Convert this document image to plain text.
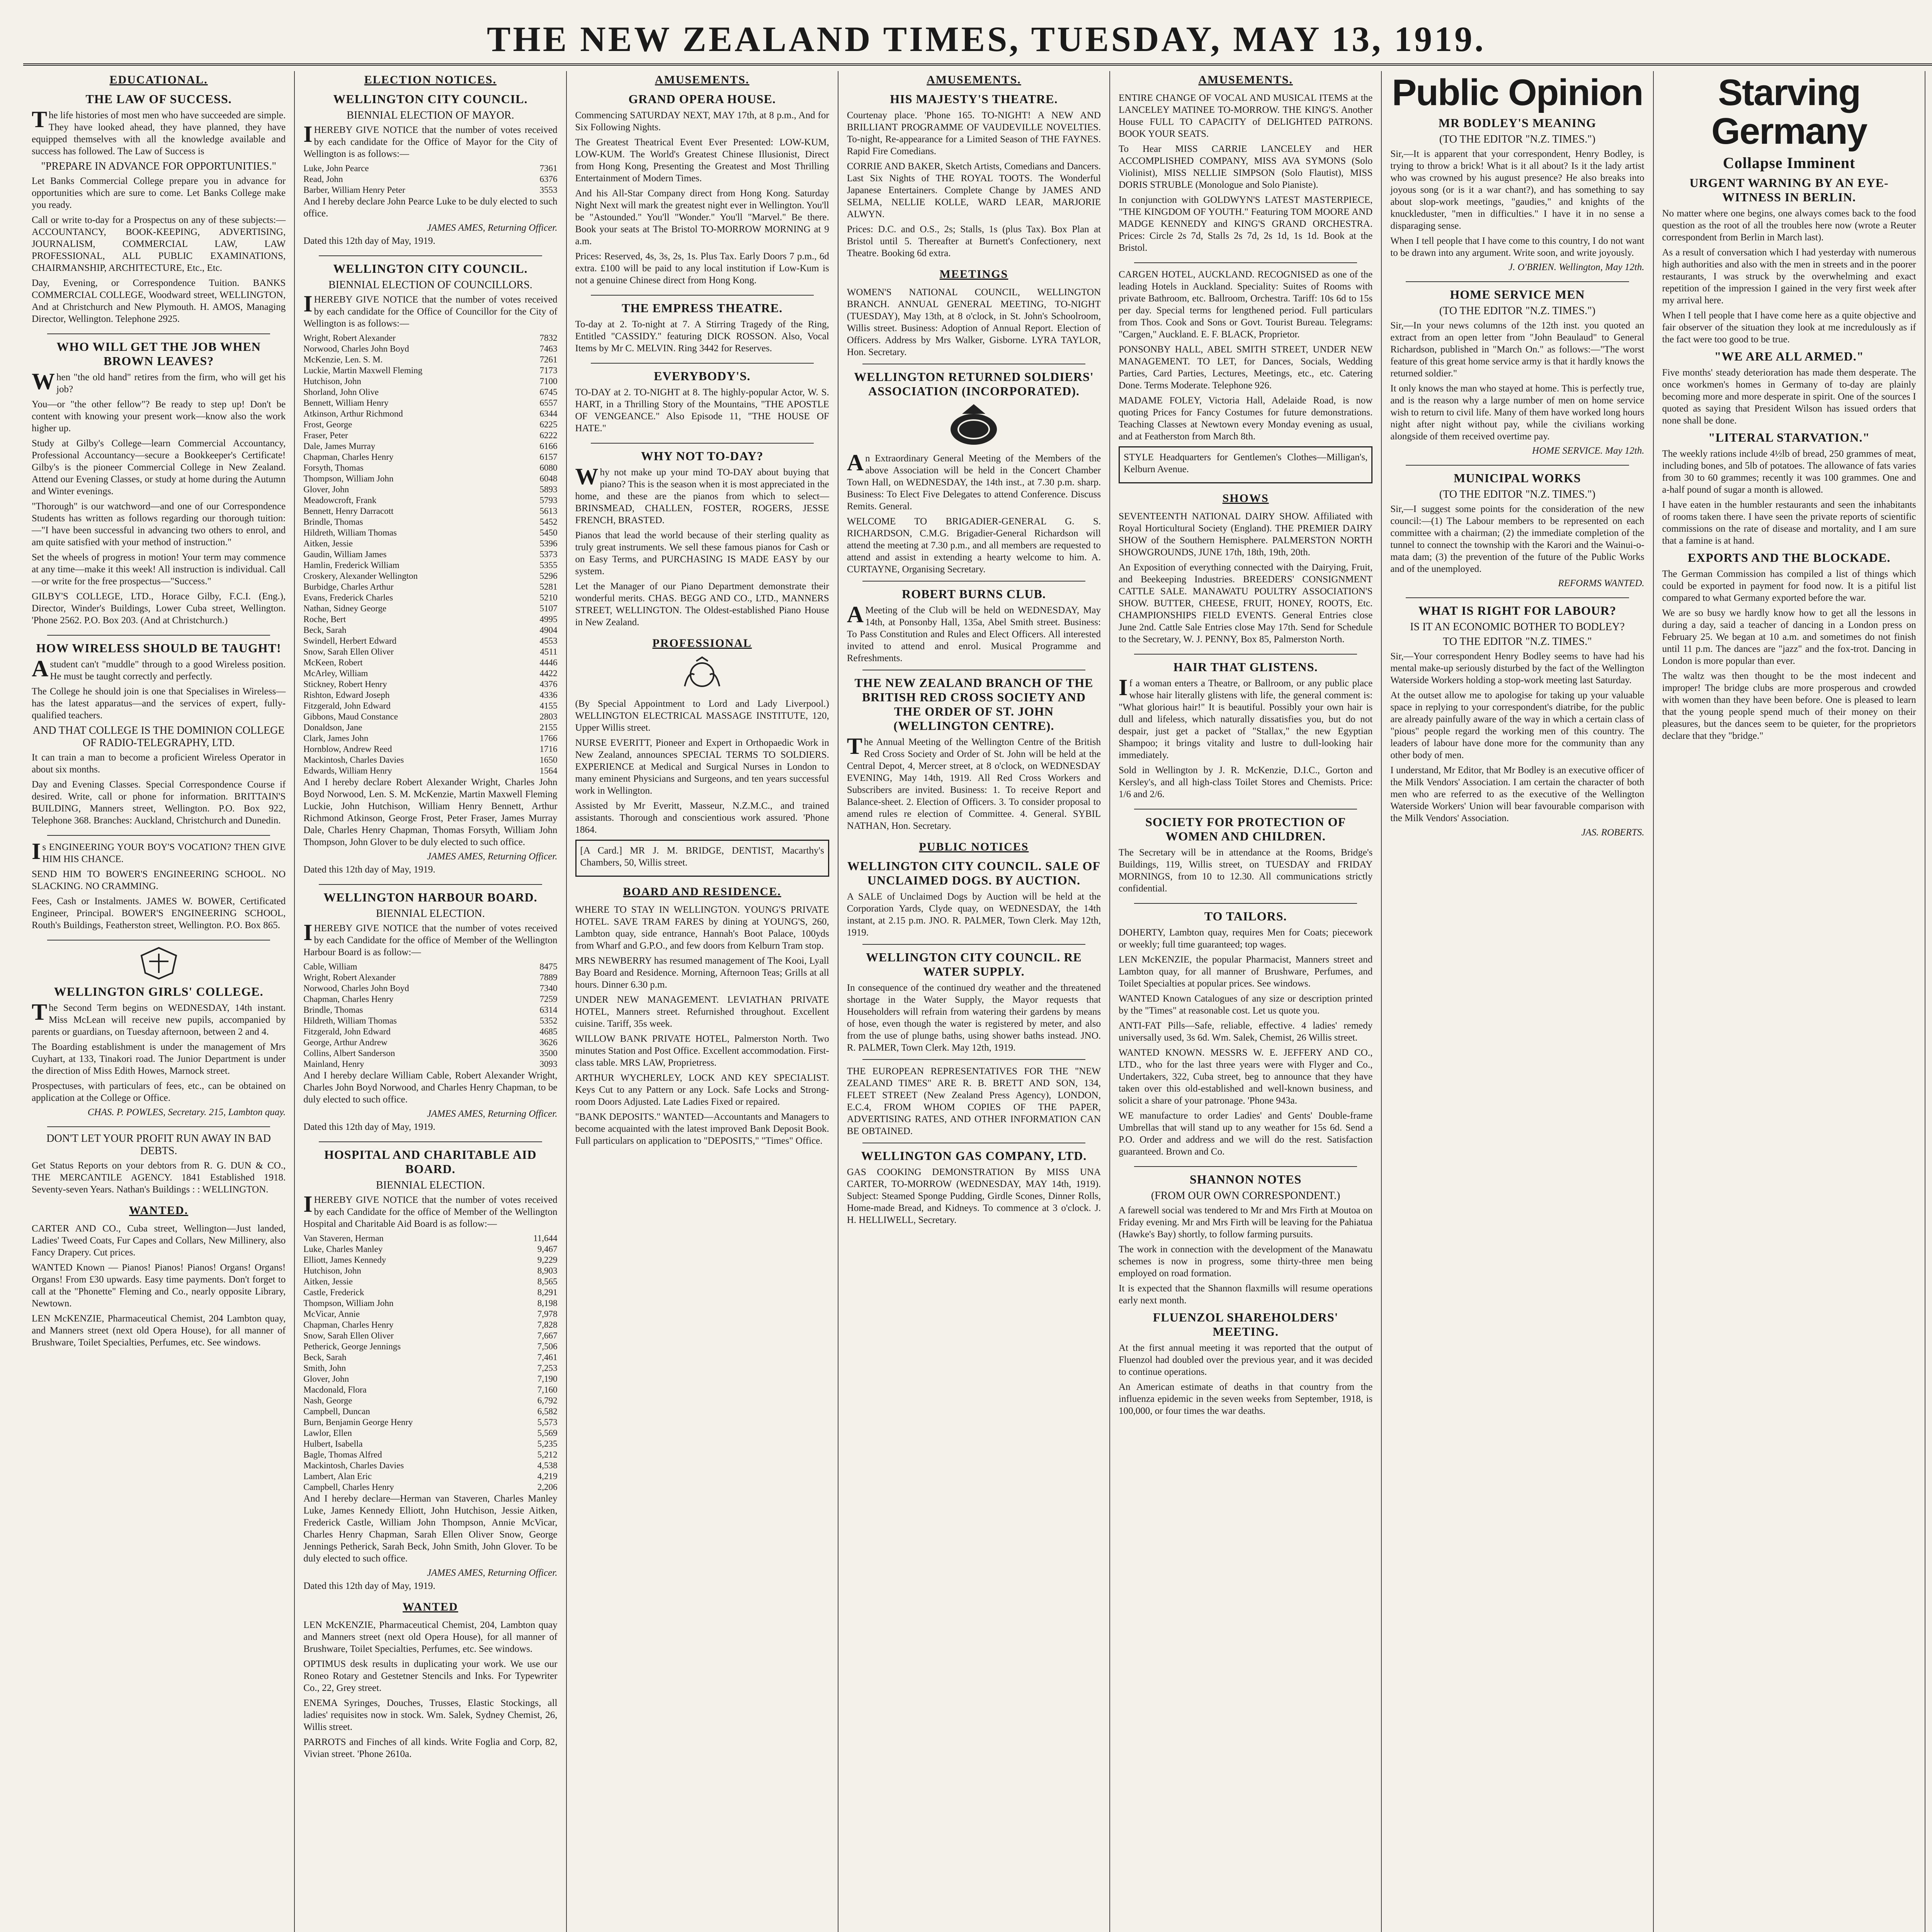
THE NEW ZEALAND TIMES, TUESDAY, MAY 13, 1919.
EDUCATIONAL.
THE LAW OF SUCCESS.

The life histories of most men who have succeeded are simple. They have looked ahead, they have planned, they have equipped themselves with all the knowledge available and success has followed. The Law of Success is

"PREPARE IN ADVANCE FOR OPPORTUNITIES."

Let Banks Commercial College prepare you in advance for opportunities which are sure to come. Let Banks College make you ready.

Call or write to-day for a Prospectus on any of these subjects:— ACCOUNTANCY, BOOK-KEEPING, ADVERTISING, JOURNALISM, COMMERCIAL LAW, LAW PROFESSIONAL, ALL PUBLIC EXAMINATIONS, CHAIRMANSHIP, ARCHITECTURE, Etc., Etc.

Day, Evening, or Correspondence Tuition. BANKS COMMERCIAL COLLEGE, Woodward street, WELLINGTON, And at Christchurch and New Plymouth. H. AMOS, Managing Director, Wellington. Telephone 2925.

WHO WILL GET THE JOB WHEN BROWN LEAVES?

When "the old hand" retires from the firm, who will get his job?

You—or "the other fellow"? Be ready to step up! Don't be content with knowing your present work—know also the work higher up.

Study at Gilby's College—learn Commercial Accountancy, Professional Accountancy—secure a Bookkeeper's Certificate! Gilby's is the pioneer Commercial College in New Zealand. Attend our Evening Classes, or study at home during the Autumn and Winter evenings.

"Thorough" is our watchword—and one of our Correspondence Students has written as follows regarding our thorough tuition:—"I have been successful in advancing two others to enrol, and am quite satisfied with your method of instruction."

Set the wheels of progress in motion! Your term may commence at any time—make it this week! All instruction is individual. Call—or write for the free prospectus—"Success."

GILBY'S COLLEGE, LTD., Horace Gilby, F.C.I. (Eng.), Director, Winder's Buildings, Lower Cuba street, Wellington. 'Phone 2562. P.O. Box 203. (And at Christchurch.)

HOW WIRELESS SHOULD BE TAUGHT!

Astudent can't "muddle" through to a good Wireless position. He must be taught correctly and perfectly.

The College he should join is one that Specialises in Wireless—has the latest apparatus—and the services of expert, fully-qualified teachers.

AND THAT COLLEGE IS THE DOMINION COLLEGE OF RADIO-TELEGRAPHY, LTD.

It can train a man to become a proficient Wireless Operator in about six months.

Day and Evening Classes. Special Correspondence Course if desired. Write, call or phone for information. BRITTAIN'S BUILDING, Manners street, Wellington. P.O. Box 922, Telephone 368. Branches: Auckland, Christchurch and Dunedin.

Is ENGINEERING YOUR BOY'S VOCATION? THEN GIVE HIM HIS CHANCE.

SEND HIM TO BOWER'S ENGINEERING SCHOOL. NO SLACKING. NO CRAMMING.

Fees, Cash or Instalments. JAMES W. BOWER, Certificated Engineer, Principal. BOWER'S ENGINEERING SCHOOL, Routh's Buildings, Featherston street, Wellington. P.O. Box 865.

WELLINGTON GIRLS' COLLEGE.

The Second Term begins on WEDNESDAY, 14th instant. Miss McLean will receive new pupils, accompanied by parents or guardians, on Tuesday afternoon, between 2 and 4.

The Boarding establishment is under the management of Mrs Cuyhart, at 133, Tinakori road. The Junior Department is under the direction of Miss Edith Howes, Marnock street.

Prospectuses, with particulars of fees, etc., can be obtained on application at the College or Office.

CHAS. P. POWLES, Secretary. 215, Lambton quay.
DON'T LET YOUR PROFIT RUN AWAY IN BAD DEBTS.

Get Status Reports on your debtors from R. G. DUN & CO., THE MERCANTILE AGENCY. 1841 Established 1918. Seventy-seven Years. Nathan's Buildings : : WELLINGTON.

WANTED.

CARTER AND CO., Cuba street, Wellington—Just landed, Ladies' Tweed Coats, Fur Capes and Collars, New Millinery, also Fancy Drapery. Cut prices.

WANTED Known — Pianos! Pianos! Pianos! Organs! Organs! Organs! From £30 upwards. Easy time payments. Don't forget to call at the "Phonette" Fleming and Co., nearly opposite Library, Newtown.

LEN McKENZIE, Pharmaceutical Chemist, 204 Lambton quay, and Manners street (next old Opera House), for all manner of Brushware, Toilet Specialties, Perfumes, etc. See windows.

ELECTION NOTICES.
WELLINGTON CITY COUNCIL.
BIENNIAL ELECTION OF MAYOR.

IHEREBY GIVE NOTICE that the number of votes received by each candidate for the Office of Mayor for the City of Wellington is as follows:—

Luke, John Pearce	7361
Read, John	6376
Barber, William Henry Peter	3553

And I hereby declare John Pearce Luke to be duly elected to such office.

JAMES AMES, Returning Officer.

Dated this 12th day of May, 1919.

WELLINGTON CITY COUNCIL.
BIENNIAL ELECTION OF COUNCILLORS.

IHEREBY GIVE NOTICE that the number of votes received by each candidate for the Office of Councillor for the City of Wellington is as follows:—

Wright, Robert Alexander	7832
Norwood, Charles John Boyd	7463
McKenzie, Len. S. M.	7261
Luckie, Martin Maxwell Fleming	7173
Hutchison, John	7100
Shorland, John Olive	6745
Bennett, William Henry	6557
Atkinson, Arthur Richmond	6344
Frost, George	6225
Fraser, Peter	6222
Dale, James Murray	6166
Chapman, Charles Henry	6157
Forsyth, Thomas	6080
Thompson, William John	6048
Glover, John	5893
Meadowcroft, Frank	5793
Bennett, Henry Darracott	5613
Brindle, Thomas	5452
Hildreth, William Thomas	5450
Aitken, Jessie	5396
Gaudin, William James	5373
Hamlin, Frederick William	5355
Croskery, Alexander Wellington	5296
Burbidge, Charles Arthur	5281
Evans, Frederick Charles	5210
Nathan, Sidney George	5107
Roche, Bert	4995
Beck, Sarah	4904
Swindell, Herbert Edward	4553
Snow, Sarah Ellen Oliver	4511
McKeen, Robert	4446
McArley, William	4422
Stickney, Robert Henry	4376
Rishton, Edward Joseph	4336
Fitzgerald, John Edward	4155
Gibbons, Maud Constance	2803
Donaldson, Jane	2155
Clark, James John	1766
Hornblow, Andrew Reed	1716
Mackintosh, Charles Davies	1650
Edwards, William Henry	1564

And I hereby declare Robert Alexander Wright, Charles John Boyd Norwood, Len. S. M. McKenzie, Martin Maxwell Fleming Luckie, John Hutchison, William Henry Bennett, Arthur Richmond Atkinson, George Frost, Peter Fraser, James Murray Dale, Charles Henry Chapman, Thomas Forsyth, William John Thompson, John Glover to be duly elected to such office.

JAMES AMES, Returning Officer.

Dated this 12th day of May, 1919.

WELLINGTON HARBOUR BOARD.
BIENNIAL ELECTION.

IHEREBY GIVE NOTICE that the number of votes received by each Candidate for the office of Member of the Wellington Harbour Board is as follow:—

Cable, William	8475
Wright, Robert Alexander	7889
Norwood, Charles John Boyd	7340
Chapman, Charles Henry	7259
Brindle, Thomas	6314
Hildreth, William Thomas	5352
Fitzgerald, John Edward	4685
George, Arthur Andrew	3626
Collins, Albert Sanderson	3500
Mainland, Henry	3093

And I hereby declare William Cable, Robert Alexander Wright, Charles John Boyd Norwood, and Charles Henry Chapman, to be duly elected to such office.

JAMES AMES, Returning Officer.

Dated this 12th day of May, 1919.

HOSPITAL AND CHARITABLE AID BOARD.
BIENNIAL ELECTION.

IHEREBY GIVE NOTICE that the number of votes received by each Candidate for the office of Member of the Wellington Hospital and Charitable Aid Board is as follow:—

Van Staveren, Herman	11,644
Luke, Charles Manley	9,467
Elliott, James Kennedy	9,229
Hutchison, John	8,903
Aitken, Jessie	8,565
Castle, Frederick	8,291
Thompson, William John	8,198
McVicar, Annie	7,978
Chapman, Charles Henry	7,828
Snow, Sarah Ellen Oliver	7,667
Petherick, George Jennings	7,506
Beck, Sarah	7,461
Smith, John	7,253
Glover, John	7,190
Macdonald, Flora	7,160
Nash, George	6,792
Campbell, Duncan	6,582
Burn, Benjamin George Henry	5,573
Lawlor, Ellen	5,569
Hulbert, Isabella	5,235
Bagle, Thomas Alfred	5,212
Mackintosh, Charles Davies	4,538
Lambert, Alan Eric	4,219
Campbell, Charles Henry	2,206

And I hereby declare—Herman van Staveren, Charles Manley Luke, James Kennedy Elliott, John Hutchison, Jessie Aitken, Frederick Castle, William John Thompson, Annie McVicar, Charles Henry Chapman, Sarah Ellen Oliver Snow, George Jennings Petherick, Sarah Beck, John Smith, John Glover. To be duly elected to such office.

JAMES AMES, Returning Officer.

Dated this 12th day of May, 1919.

WANTED

LEN McKENZIE, Pharmaceutical Chemist, 204, Lambton quay and Manners street (next old Opera House), for all manner of Brushware, Toilet Specialties, Perfumes, etc. See windows.

OPTIMUS desk results in duplicating your work. We use our Roneo Rotary and Gestetner Stencils and Inks. For Typewriter Co., 22, Grey street.

ENEMA Syringes, Douches, Trusses, Elastic Stockings, all ladies' requisites now in stock. Wm. Salek, Sydney Chemist, 26, Willis street.

PARROTS and Finches of all kinds. Write Foglia and Corp, 82, Vivian street. 'Phone 2610a.

AMUSEMENTS.
GRAND OPERA HOUSE.

Commencing SATURDAY NEXT, MAY 17th, at 8 p.m., And for Six Following Nights.

The Greatest Theatrical Event Ever Presented: LOW-KUM, LOW-KUM. The World's Greatest Chinese Illusionist, Direct from Hong Kong, Presenting the Greatest and Most Thrilling Entertainment of Modern Times.

And his All-Star Company direct from Hong Kong. Saturday Night Next will mark the greatest night ever in Wellington. You'll be "Astounded." You'll "Wonder." You'll "Marvel." Be there. Book your seats at The Bristol TO-MORROW MORNING at 9 a.m.

Prices: Reserved, 4s, 3s, 2s, 1s. Plus Tax. Early Doors 7 p.m., 6d extra. £100 will be paid to any local institution if Low-Kum is not a genuine Chinese direct from Hong Kong.

THE EMPRESS THEATRE.

To-day at 2. To-night at 7. A Stirring Tragedy of the Ring, Entitled "CASSIDY." featuring DICK ROSSON. Also, Vocal Items by Mr C. MELVIN. Ring 3442 for Reserves.

EVERYBODY'S.

TO-DAY at 2. TO-NIGHT at 8. The highly-popular Actor, W. S. HART, in a Thrilling Story of the Mountains, "THE APOSTLE OF VENGEANCE." Also Episode 11, "THE HOUSE OF HATE."

WHY NOT TO-DAY?

Why not make up your mind TO-DAY about buying that piano? This is the season when it is most appreciated in the home, and these are the pianos from which to select—BRINSMEAD, CHALLEN, FOSTER, ROGERS, JESSE FRENCH, BRASTED.

Pianos that lead the world because of their sterling quality as truly great instruments. We sell these famous pianos for Cash or on Easy Terms, and PURCHASING IS MADE EASY by our system.

Let the Manager of our Piano Department demonstrate their wonderful merits. CHAS. BEGG AND CO., LTD., MANNERS STREET, WELLINGTON. The Oldest-established Piano House in New Zealand.

PROFESSIONAL

(By Special Appointment to Lord and Lady Liverpool.) WELLINGTON ELECTRICAL MASSAGE INSTITUTE, 120, Upper Willis street.

NURSE EVERITT, Pioneer and Expert in Orthopaedic Work in New Zealand, announces SPECIAL TERMS TO SOLDIERS. EXPERIENCE at Medical and Surgical Nurses in London to many eminent Physicians and Surgeons, and ten years successful work in Wellington.

Assisted by Mr Everitt, Masseur, N.Z.M.C., and trained assistants. Thorough and conscientious work assured. 'Phone 1864.

[A Card.] MR J. M. BRIDGE, DENTIST, Macarthy's Chambers, 50, Willis street.

BOARD AND RESIDENCE.

WHERE TO STAY IN WELLINGTON. YOUNG'S PRIVATE HOTEL. SAVE TRAM FARES by dining at YOUNG'S, 260, Lambton quay, side entrance, Hannah's Boot Palace, 100yds from Wharf and G.P.O., and few doors from Kelburn Tram stop.

MRS NEWBERRY has resumed management of The Kooi, Lyall Bay Board and Residence. Morning, Afternoon Teas; Grills at all hours. Dinner 6.30 p.m.

UNDER NEW MANAGEMENT. LEVIATHAN PRIVATE HOTEL, Manners street. Refurnished throughout. Excellent cuisine. Tariff, 35s week.

WILLOW BANK PRIVATE HOTEL, Palmerston North. Two minutes Station and Post Office. Excellent accommodation. First-class table. MRS LAW, Proprietress.

ARTHUR WYCHERLEY, LOCK AND KEY SPECIALIST. Keys Cut to any Pattern or any Lock. Safe Locks and Strong-room Doors Adjusted. Late Ladies Fixed or repaired.

"BANK DEPOSITS." WANTED—Accountants and Managers to become acquainted with the latest improved Bank Deposit Book. Full particulars on application to "DEPOSITS," "Times" Office.

AMUSEMENTS.
HIS MAJESTY'S THEATRE.

Courtenay place. 'Phone 165. TO-NIGHT! A NEW AND BRILLIANT PROGRAMME OF VAUDEVILLE NOVELTIES. To-night, Re-appearance for a Limited Season of THE FAYNES. Rapid Fire Comedians.

CORRIE AND BAKER, Sketch Artists, Comedians and Dancers. Last Six Nights of THE ROYAL TOOTS. The Wonderful Japanese Entertainers. Complete Change by JAMES AND SELMA, NELLIE KOLLE, WARD LEAR, MARJORIE ALWYN.

Prices: D.C. and O.S., 2s; Stalls, 1s (plus Tax). Box Plan at Bristol until 5. Thereafter at Burnett's Confectionery, next Theatre. Booking 6d extra.

MEETINGS

WOMEN'S NATIONAL COUNCIL, WELLINGTON BRANCH. ANNUAL GENERAL MEETING, TO-NIGHT (TUESDAY), May 13th, at 8 o'clock, in St. John's Schoolroom, Willis street. Business: Adoption of Annual Report. Election of Officers. Address by Mrs Walker, Gisborne. LYRA TAYLOR, Hon. Secretary.

WELLINGTON RETURNED SOLDIERS' ASSOCIATION (INCORPORATED).

An Extraordinary General Meeting of the Members of the above Association will be held in the Concert Chamber Town Hall, on WEDNESDAY, the 14th inst., at 7.30 p.m. sharp. Business: To Elect Five Delegates to attend Conference. Discuss Remits. General.

WELCOME TO BRIGADIER-GENERAL G. S. RICHARDSON, C.M.G. Brigadier-General Richardson will attend the meeting at 7.30 p.m., and all members are requested to attend and assist in extending a hearty welcome to him. A. CURTAYNE, Organising Secretary.

ROBERT BURNS CLUB.

AMeeting of the Club will be held on WEDNESDAY, May 14th, at Ponsonby Hall, 135a, Abel Smith street. Business: To Pass Constitution and Rules and Elect Officers. All interested invited to attend and enrol. Musical Programme and Refreshments.

THE NEW ZEALAND BRANCH OF THE BRITISH RED CROSS SOCIETY AND THE ORDER OF ST. JOHN (WELLINGTON CENTRE).

The Annual Meeting of the Wellington Centre of the British Red Cross Society and Order of St. John will be held at the Central Depot, 4, Mercer street, at 8 o'clock, on WEDNESDAY EVENING, May 14th, 1919. All Red Cross Workers and Subscribers are invited. Business: 1. To receive Report and Balance-sheet. 2. Election of Officers. 3. To consider proposal to amend rules re election of Committee. 4. General. SYBIL NATHAN, Hon. Secretary.

PUBLIC NOTICES
WELLINGTON CITY COUNCIL. SALE OF UNCLAIMED DOGS. BY AUCTION.

A SALE of Unclaimed Dogs by Auction will be held at the Corporation Yards, Clyde quay, on WEDNESDAY, the 14th instant, at 2.15 p.m. JNO. R. PALMER, Town Clerk. May 12th, 1919.

WELLINGTON CITY COUNCIL. RE WATER SUPPLY.

In consequence of the continued dry weather and the threatened shortage in the Water Supply, the Mayor requests that Householders will refrain from watering their gardens by means of hose, even though the water is registered by meter, and also from the use of plunge baths, using shower baths instead. JNO. R. PALMER, Town Clerk. May 12th, 1919.

THE EUROPEAN REPRESENTATIVES FOR THE "NEW ZEALAND TIMES" ARE R. B. BRETT AND SON, 134, FLEET STREET (New Zealand Press Agency), LONDON, E.C.4, FROM WHOM COPIES OF THE PAPER, ADVERTISING RATES, AND OTHER INFORMATION CAN BE OBTAINED.

WELLINGTON GAS COMPANY, LTD.

GAS COOKING DEMONSTRATION By MISS UNA CARTER, TO-MORROW (WEDNESDAY, MAY 14th, 1919). Subject: Steamed Sponge Pudding, Girdle Scones, Dinner Rolls, Home-made Bread, and Kidneys. To commence at 3 o'clock. J. H. HELLIWELL, Secretary.

AMUSEMENTS.

ENTIRE CHANGE OF VOCAL AND MUSICAL ITEMS at the LANCELEY MATINEE TO-MORROW. THE KING'S. Another House FULL TO CAPACITY of DELIGHTED PATRONS. BOOK YOUR SEATS.

To Hear MISS CARRIE LANCELEY and HER ACCOMPLISHED COMPANY, MISS AVA SYMONS (Solo Violinist), MISS NELLIE SIMPSON (Solo Flautist), MISS DORIS STRUBLE (Monologue and Solo Pianiste).

In conjunction with GOLDWYN'S LATEST MASTERPIECE, "THE KINGDOM OF YOUTH." Featuring TOM MOORE AND MADGE KENNEDY and KING'S GRAND ORCHESTRA. Prices: Circle 2s 7d, Stalls 2s 7d, 2s 1d, 1s 1d. Book at the Bristol.

CARGEN HOTEL, AUCKLAND. RECOGNISED as one of the leading Hotels in Auckland. Speciality: Suites of Rooms with private Bathroom, etc. Ballroom, Orchestra. Tariff: 10s 6d to 15s per day. Special terms for lengthened period. Full particulars from Thos. Cook and Sons or Govt. Tourist Bureau. Telegrams: "Cargen," Auckland. E. F. BLACK, Proprietor.

PONSONBY HALL, ABEL SMITH STREET, UNDER NEW MANAGEMENT. TO LET, for Dances, Socials, Wedding Parties, Card Parties, Lectures, Meetings, etc., etc. Catering Done. Terms Moderate. Telephone 926.

MADAME FOLEY, Victoria Hall, Adelaide Road, is now quoting Prices for Fancy Costumes for future demonstrations. Teaching Classes at Newtown every Monday evening as usual, and at Featherston from March 8th.

STYLE Headquarters for Gentlemen's Clothes—Milligan's, Kelburn Avenue.

SHOWS

SEVENTEENTH NATIONAL DAIRY SHOW. Affiliated with Royal Horticultural Society (England). THE PREMIER DAIRY SHOW of the Southern Hemisphere. PALMERSTON NORTH SHOWGROUNDS, JUNE 17th, 18th, 19th, 20th.

An Exposition of everything connected with the Dairying, Fruit, and Beekeeping Industries. BREEDERS' CONSIGNMENT CATTLE SALE. MANAWATU POULTRY ASSOCIATION'S SHOW. BUTTER, CHEESE, FRUIT, HONEY, ROOTS, Etc. CHAMPIONSHIPS FIELD EVENTS. General Entries close June 2nd. Cattle Sale Entries close May 17th. Send for Schedule to the Secretary, W. J. PENNY, Box 85, Palmerston North.

HAIR THAT GLISTENS.

If a woman enters a Theatre, or Ballroom, or any public place whose hair literally glistens with life, the general comment is: "What glorious hair!" It is beautiful. Possibly your own hair is dull and lifeless, which naturally dissatisfies you, but do not despair, just get a packet of "Stallax," the new Egyptian Shampoo; it brings vitality and lustre to dull-looking hair immediately.

Sold in Wellington by J. R. McKenzie, D.I.C., Gorton and Kersley's, and all high-class Toilet Stores and Chemists. Price: 1/6 and 2/6.

SOCIETY FOR PROTECTION OF WOMEN AND CHILDREN.

The Secretary will be in attendance at the Rooms, Bridge's Buildings, 119, Willis street, on TUESDAY and FRIDAY MORNINGS, from 10 to 12.30. All communications strictly confidential.

TO TAILORS.

DOHERTY, Lambton quay, requires Men for Coats; piecework or weekly; full time guaranteed; top wages.

LEN McKENZIE, the popular Pharmacist, Manners street and Lambton quay, for all manner of Brushware, Perfumes, and Toilet Specialties at popular prices. See windows.

WANTED Known Catalogues of any size or description printed by the "Times" at reasonable cost. Let us quote you.

ANTI-FAT Pills—Safe, reliable, effective. 4 ladies' remedy universally used, 3s 6d. Wm. Salek, Chemist, 26 Willis street.

WANTED KNOWN. MESSRS W. E. JEFFERY AND CO., LTD., who for the last three years were with Flyger and Co., Undertakers, 322, Cuba street, beg to announce that they have taken over this old-established and well-known business, and solicit a share of your patronage. 'Phone 943a.

WE manufacture to order Ladies' and Gents' Double-frame Umbrellas that will stand up to any weather for 15s 6d. Send a P.O. Order and address and we will do the rest. Satisfaction guaranteed. Brown and Co.

SHANNON NOTES
(FROM OUR OWN CORRESPONDENT.)

A farewell social was tendered to Mr and Mrs Firth at Moutoa on Friday evening. Mr and Mrs Firth will be leaving for the Pahiatua (Hawke's Bay) shortly, to follow farming pursuits.

The work in connection with the development of the Manawatu schemes is now in progress, some thirty-three men being employed on road formation.

It is expected that the Shannon flaxmills will resume operations early next month.

FLUENZOL SHAREHOLDERS' MEETING.

At the first annual meeting it was reported that the output of Fluenzol had doubled over the previous year, and it was decided to continue operations.

An American estimate of deaths in that country from the influenza epidemic in the seven weeks from September, 1918, is 100,000, or four times the war deaths.

Public Opinion
MR BODLEY'S MEANING
(TO THE EDITOR "N.Z. TIMES.")

Sir,—It is apparent that your correspondent, Henry Bodley, is trying to throw a brick! What is it all about? Is it the lady artist who was crowned by his august presence? He also breaks into joyous song (or is it a war chant?), and has something to say about slop-work meetings, "gaudies," and knights of the knuckleduster, "men in difficulties." I have it in no sense a disparaging sense.

When I tell people that I have come to this country, I do not want to be drawn into any argument. Write soon, and write joyously.

J. O'BRIEN. Wellington, May 12th.
HOME SERVICE MEN
(TO THE EDITOR "N.Z. TIMES.")

Sir,—In your news columns of the 12th inst. you quoted an extract from an open letter from "John Beaulaud" to General Richardson, published in "March On." as follows:—"The worst feature of this great home service army is that it hardly knows the returned soldier."

It only knows the man who stayed at home. This is perfectly true, and is the reason why a large number of men on home service wish to return to civil life. Many of them have worked long hours night after night without pay, while the civilians working alongside of them received overtime pay.

HOME SERVICE. May 12th.
MUNICIPAL WORKS
(TO THE EDITOR "N.Z. TIMES.")

Sir,—I suggest some points for the consideration of the new council:—(1) The Labour members to be represented on each committee with a chairman; (2) the immediate completion of the tunnel to connect the township with the Karori and the Wainui-o-mata dam; (3) the prevention of the future of the Public Works and of the unemployed.

REFORMS WANTED.
WHAT IS RIGHT FOR LABOUR?
IS IT AN ECONOMIC BOTHER TO BODLEY?
TO THE EDITOR "N.Z. TIMES."

Sir,—Your correspondent Henry Bodley seems to have had his mental make-up seriously disturbed by the fact of the Wellington Waterside Workers holding a stop-work meeting last Saturday.

At the outset allow me to apologise for taking up your valuable space in replying to your correspondent's diatribe, for the public are already painfully aware of the way in which a certain class of "pious" people regard the working men of this country. The leaders of labour have done more for the community than any other body of men.

I understand, Mr Editor, that Mr Bodley is an executive officer of the Milk Vendors' Association. I am certain the character of both men who are referred to as the executive of the Wellington Waterside Workers' Union will bear favourable comparison with the Milk Vendors' Association.

JAS. ROBERTS.
Starving Germany
Collapse Imminent
URGENT WARNING BY AN EYE-WITNESS IN BERLIN.

No matter where one begins, one always comes back to the food question as the root of all the troubles here now (wrote a Reuter correspondent from Berlin in March last).

As a result of conversation which I had yesterday with numerous high authorities and also with the men in streets and in the poorer restaurants, I was struck by the overwhelming and exact repetition of the impression I gained in the very first week after my arrival here.

When I tell people that I have come here as a quite objective and fair observer of the situation they look at me incredulously as if the fact were too good to be true.

"WE ARE ALL ARMED."

Five months' steady deterioration has made them desperate. The once workmen's homes in Germany of to-day are plainly becoming more and more desperate in spirit. One of the sources I quoted as saying that President Wilson has issued orders that none shall be done.

"LITERAL STARVATION."

The weekly rations include 4½lb of bread, 250 grammes of meat, including bones, and 5lb of potatoes. The allowance of fats varies from 30 to 60 grammes; recently it was 100 grammes. One and a-half pound of sugar a month is allowed.

I have eaten in the humbler restaurants and seen the inhabitants of rooms taken there. I have seen the private reports of scientific commissions on the rate of disease and mortality, and I am sure that a famine is at hand.

EXPORTS AND THE BLOCKADE.

The German Commission has compiled a list of things which could be exported in payment for food now. It is a pitiful list compared to what Germany exported before the war.

We are so busy we hardly know how to get all the lessons in during a day, said a teacher of dancing in a London press on February 25. We began at 10 a.m. and sometimes do not finish until 11 p.m. The dances are "jazz" and the fox-trot. Dancing in London is more popular than ever.

The waltz was then thought to be the most indecent and improper! The bridge clubs are more prosperous and crowded with women than they have been before. One is pleased to learn that the young people spend much of their money on their pleasures, but the dances seem to be quieter, for the proprietors declare that they "bridge."
